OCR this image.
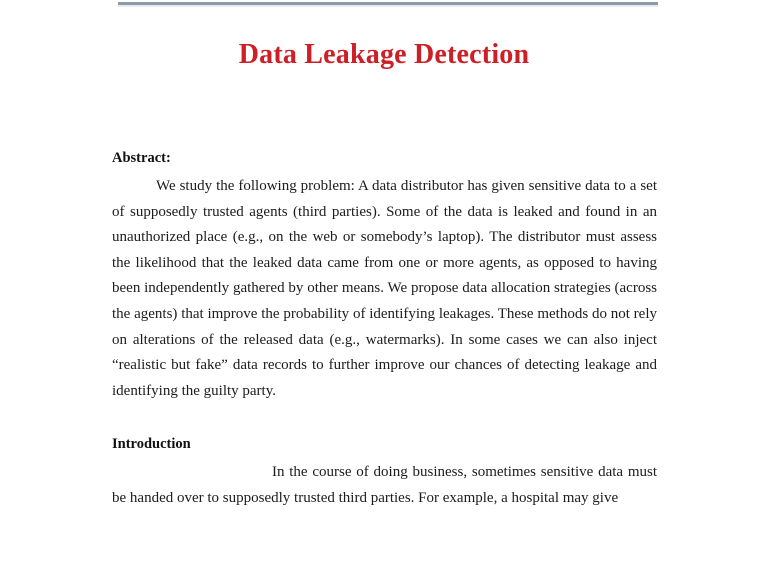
Data Leakage Detection
Abstract:

We study the following problem: A data distributor has given sensitive data to a set of supposedly trusted agents (third parties). Some of the data is leaked and found in an unauthorized place (e.g., on the web or somebody’s laptop). The distributor must assess the likelihood that the leaked data came from one or more agents, as opposed to having been independently gathered by other means. We propose data allocation strategies (across the agents) that improve the probability of identifying leakages. These methods do not rely on alterations of the released data (e.g., watermarks). In some cases we can also inject “realistic but fake” data records to further improve our chances of detecting leakage and identifying the guilty party.

Introduction

In the course of doing business, sometimes sensitive data must be handed over to supposedly trusted third parties. For example, a hospital may give
